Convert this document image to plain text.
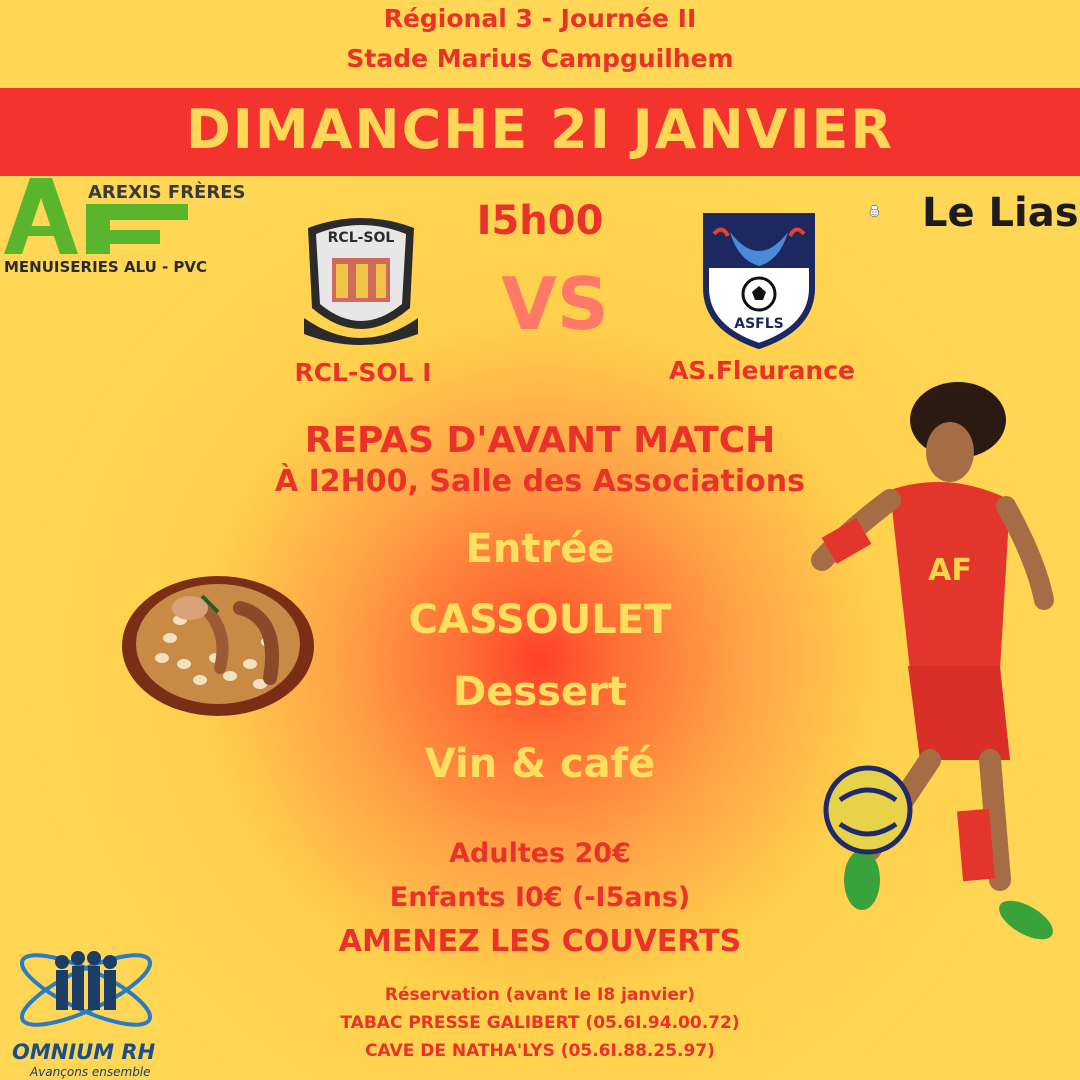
Régional 3 - Journée II
Stade Marius Campguilhem
DIMANCHE 2I JANVIER
AREXIS FRÈRES
MENUISERIES ALU - PVC
Le Lias
I5h00
VS
RCL-SOL
ASFLS
RCL-SOL I	AS.Fleurance
REPAS D'AVANT MATCH
À I2H00, Salle des Associations
Entrée
CASSOULET
Dessert
Vin & café
AF
Adultes 20€
Enfants I0€ (-I5ans)
AMENEZ LES COUVERTS
Réservation (avant le I8 janvier)
TABAC PRESSE GALIBERT (05.6I.94.00.72)
CAVE DE NATHA'LYS (05.6I.88.25.97)
OMNIUM RH
Avançons ensemble
